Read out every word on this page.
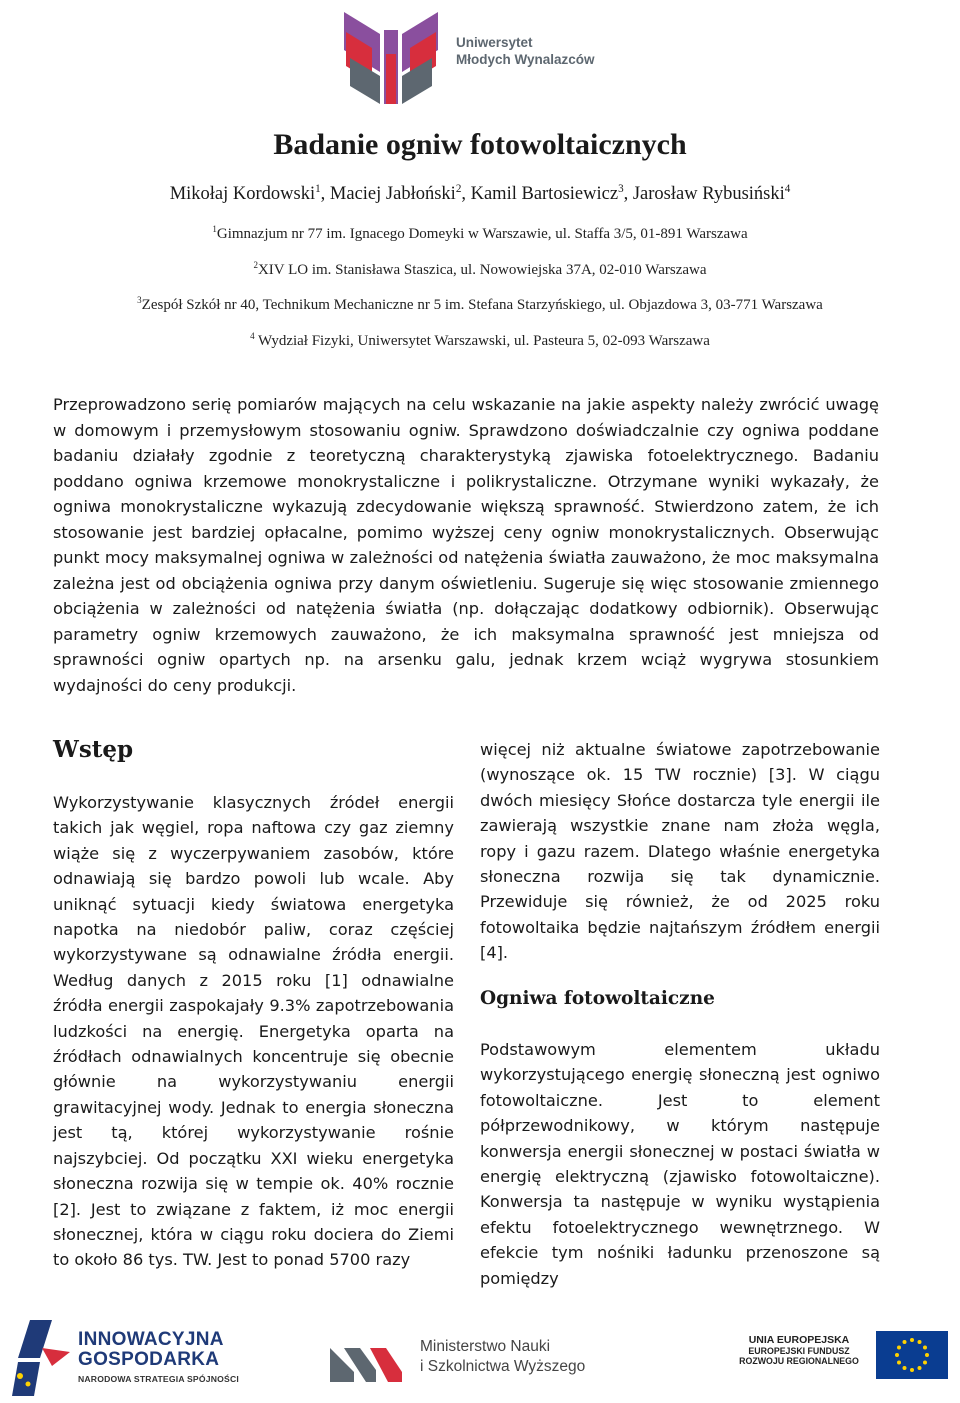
Uniwersytet
Młodych Wynalazców
Badanie ogniw fotowoltaicznych
Mikołaj Kordowski$^1$, Maciej Jabłoński$^2$, Kamil Bartosiewicz$^3$, Jarosław Rybusiński$^4$
$^1$Gimnazjum nr 77 im. Ignacego Domeyki w Warszawie, ul. Staffa 3/5, 01-891 Warszawa
$^2$XIV LO im. Stanisława Staszica, ul. Nowowiejska 37A, 02-010 Warszawa
$^3$Zespół Szkół nr 40, Technikum Mechaniczne nr 5 im. Stefana Starzyńskiego, ul. Objazdowa 3, 03-771 Warszawa
$^4$ Wydział Fizyki, Uniwersytet Warszawski, ul. Pasteura 5, 02-093 Warszawa
Przeprowadzono serię pomiarów mających na celu wskazanie na jakie aspekty należy zwrócić uwagę w domowym i przemysłowym stosowaniu ogniw. Sprawdzono doświadczalnie czy ogniwa poddane badaniu działały zgodnie z teoretyczną charakterystyką zjawiska fotoelektrycznego. Badaniu poddano ogniwa krzemowe monokrystaliczne i polikrystaliczne. Otrzymane wyniki wykazały, że ogniwa monokrystaliczne wykazują zdecydowanie większą sprawność. Stwierdzono zatem, że ich stosowanie jest bardziej opłacalne, pomimo wyższej ceny ogniw monokrystalicznych. Obserwując punkt mocy maksymalnej ogniwa w zależności od natężenia światła zauważono, że moc maksymalna zależna jest od obciążenia ogniwa przy danym oświetleniu. Sugeruje się więc stosowanie zmiennego obciążenia w zależności od natężenia światła (np. dołączając dodatkowy odbiornik). Obserwując parametry ogniw krzemowych zauważono, że ich maksymalna sprawność jest mniejsza od sprawności ogniw opartych np. na arsenku galu, jednak krzem wciąż wygrywa stosunkiem wydajności do ceny produkcji.
Wstęp
Wykorzystywanie klasycznych źródeł energii takich jak węgiel, ropa naftowa czy gaz ziemny wiąże się z wyczerpywaniem zasobów, które odnawiają się bardzo powoli lub wcale. Aby uniknąć sytuacji kiedy światowa energetyka napotka na niedobór paliw, coraz częściej wykorzystywane są odnawialne źródła energii. Według danych z 2015 roku [1] odnawialne źródła energii zaspokajały 9.3% zapotrzebowania ludzkości na energię. Energetyka oparta na źródłach odnawialnych koncentruje się obecnie głównie na wykorzystywaniu energii grawitacyjnej wody. Jednak to energia słoneczna jest tą, której wykorzystywanie rośnie najszybciej. Od początku XXI wieku energetyka słoneczna rozwija się w tempie ok. 40% rocznie [2]. Jest to związane z faktem, iż moc energii słonecznej, która w ciągu roku dociera do Ziemi to około 86 tys. TW. Jest to ponad 5700 razy
więcej niż aktualne światowe zapotrzebowanie (wynoszące ok. 15 TW rocznie) [3]. W ciągu dwóch miesięcy Słońce dostarcza tyle energii ile zawierają wszystkie znane nam złoża węgla, ropy i gazu razem. Dlatego właśnie energetyka słoneczna rozwija się tak dynamicznie. Przewiduje się również, że od 2025 roku fotowoltaika będzie najtańszym źródłem energii [4].
Ogniwa fotowoltaiczne
Podstawowym elementem układu wykorzystującego energię słoneczną jest ogniwo fotowoltaiczne. Jest to element półprzewodnikowy, w którym następuje konwersja energii słonecznej w postaci światła w energię elektryczną (zjawisko fotowoltaiczne). Konwersja ta następuje w wyniku wystąpienia efektu fotoelektrycznego wewnętrznego. W efekcie tym nośniki ładunku przenoszone są pomiędzy
INNOWACYJNA
GOSPODARKA
NARODOWA STRATEGIA SPÓJNOŚCI
Ministerstwo Nauki
i Szkolnictwa Wyższego
UNIA EUROPEJSKA
EUROPEJSKI FUNDUSZ
ROZWOJU REGIONALNEGO
